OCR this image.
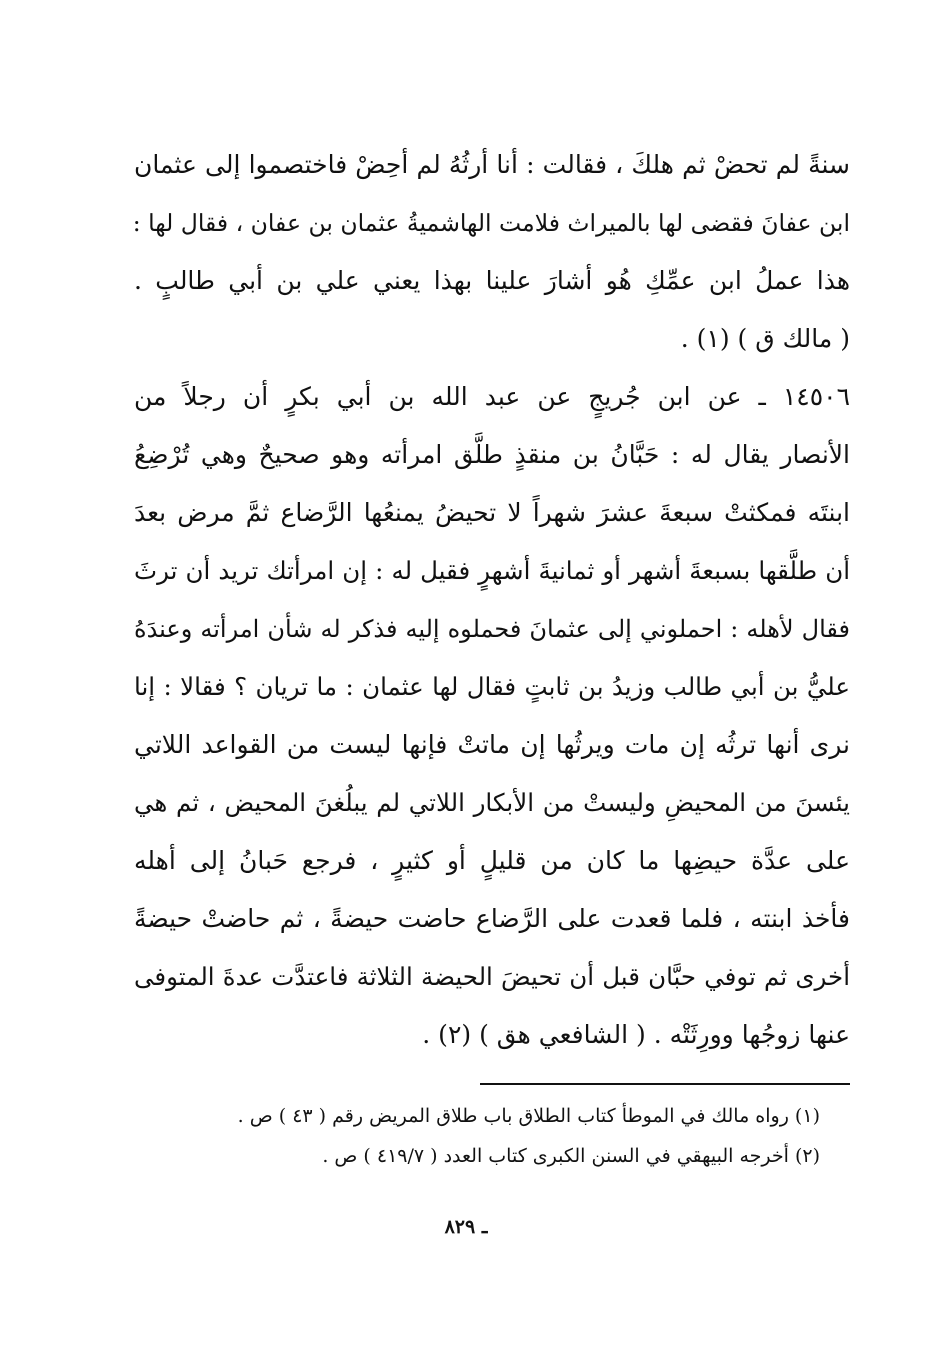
سنةً لم تحضْ ثم هلكَ ، فقالت : أنا أرثُهُ لم أحِضْ فاختصموا إلى عثمان
ابن عفانَ فقضى لها بالميراث فلامت الهاشميةُ عثمان بن عفان ، فقال لها :
هذا عملُ ابن عمِّكِ هُو أشارَ علينا بهذا يعني علي بن أبي طالبٍ .
( مالك ق ) (١) .
١٤٥٠٦ ـ عن ابن جُريجٍ عن عبد الله بن أبي بكرٍ أن رجلاً من
الأنصار يقال له : حَبَّانُ بن منقذٍ طلَّق امرأته وهو صحيحٌ وهي تُرْضِعُ
ابنتَه فمكثتْ سبعةَ عشرَ شهراً لا تحيضُ يمنعُها الرَّضاع ثمَّ مرض بعدَ
أن طلَّقها بسبعةَ أشهر أو ثمانيةَ أشهرٍ فقيل له : إن امرأتك تريد أن ترثَ
فقال لأهله : احملوني إلى عثمانَ فحملوه إليه فذكر له شأن امرأته وعندَهُ
عليُّ بن أبي طالب وزيدُ بن ثابتٍ فقال لها عثمان : ما تريان ؟ فقالا : إنا
نرى أنها ترثُه إن مات ويرثُها إن ماتتْ فإنها ليست من القواعد اللاتي
يئسنَ من المحيضِ وليستْ من الأبكار اللاتي لم يبلُغنَ المحيض ، ثم هي
على عدَّة حيضِها ما كان من قليلٍ أو كثيرٍ ، فرجع حَبانُ إلى أهله
فأخذ ابنته ، فلما قعدت على الرَّضاع حاضت حيضةً ، ثم حاضتْ حيضةً
أخرى ثم توفي حبَّان قبل أن تحيضَ الحيضة الثلاثة فاعتدَّت عدةَ المتوفى
عنها زوجُها وورِثَتْه . ( الشافعي هق ) (٢) .
(١) رواه مالك في الموطأ كتاب الطلاق باب طلاق المريض رقم ( ٤٣ ) ص .
(٢) أخرجه البيهقي في السنن الكبرى كتاب العدد ( ٤١٩/٧ ) ص .
ـ ٨٢٩
